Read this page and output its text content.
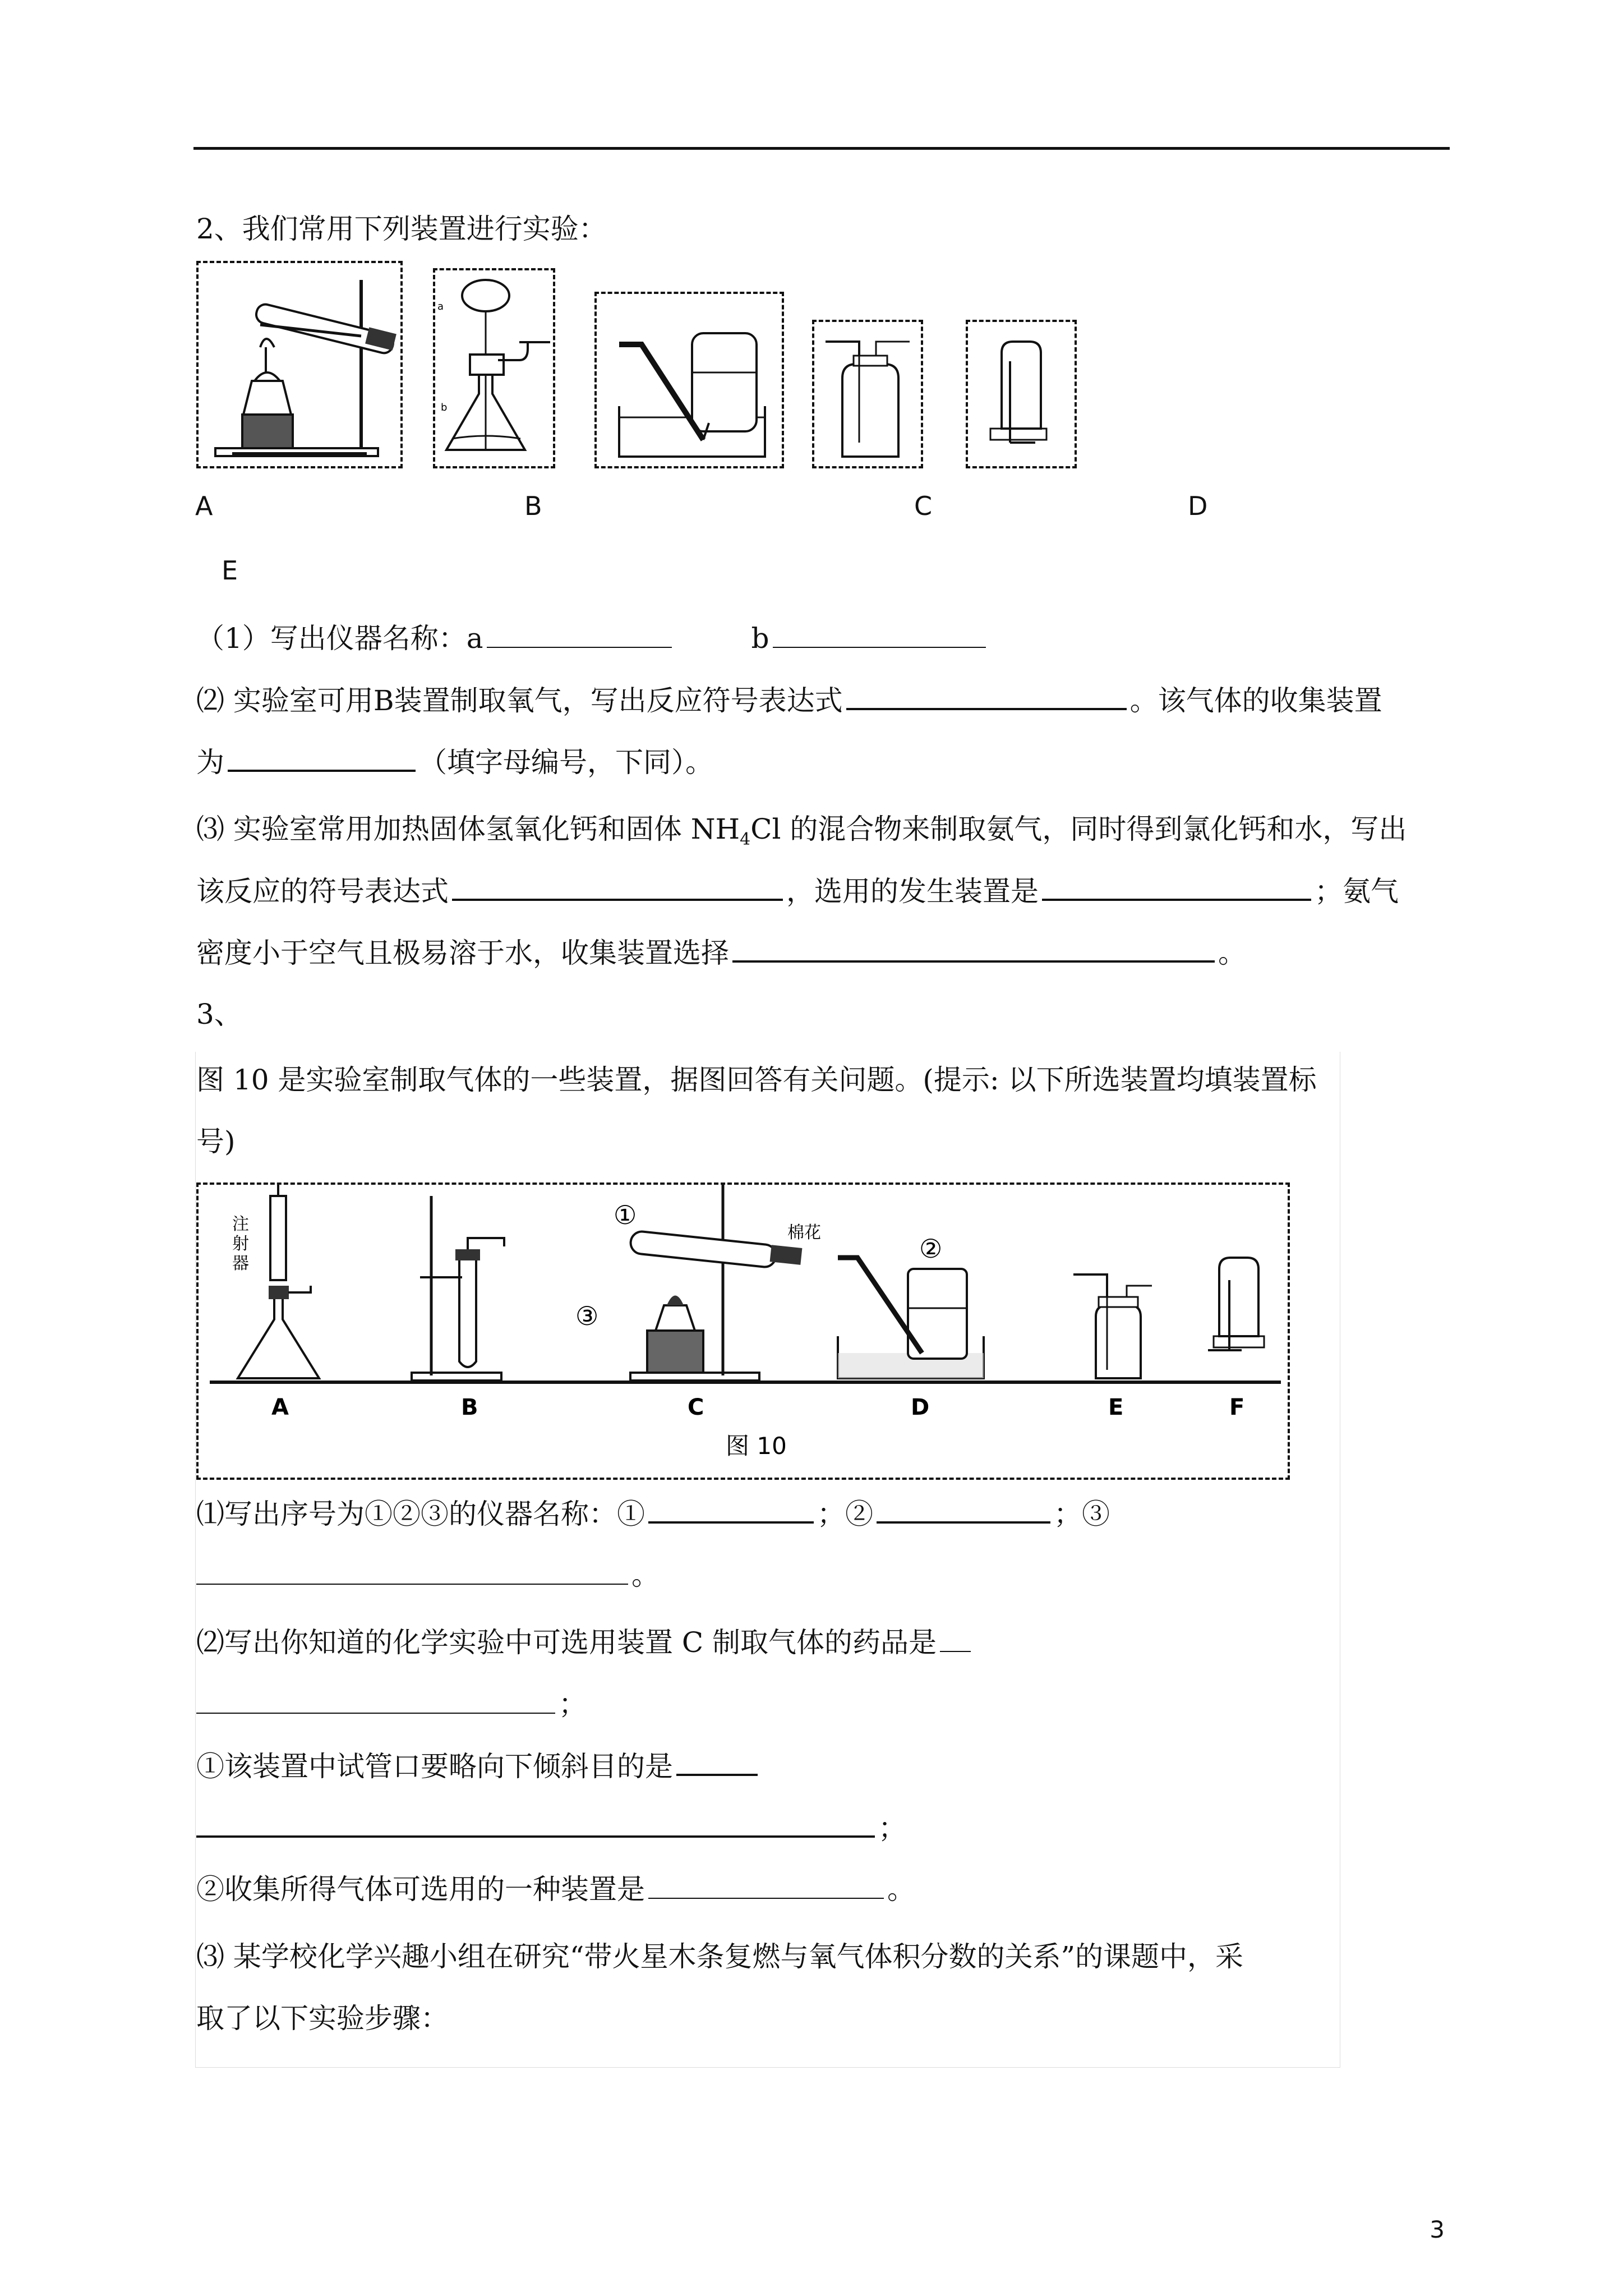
2、我们常用下列装置进行实验：
a
b
A	B	C	D
E
（1）写出仪器名称：a	b
⑵ 实验室可用B装置制取氧气，写出反应符号表达式	。该气体的收集装置
为	（填字母编号，下同）。
⑶ 实验室常用加热固体氢氧化钙和固体 $NH_4Cl$ 的混合物来制取氨气，同时得到氯化钙和水，写出
该反应的符号表达式	，选用的发生装置是	；氨气
密度小于空气且极易溶于水，收集装置选择	。
3、
图 10 是实验室制取气体的一些装置，据图回答有关问题。(提示: 以下所选装置均填装置标
号)
注
射
器
①
棉花
③
②
A	B	C	D	E	F
图 10
⑴写出序号为①②③的仪器名称：①	；②	；③
。
⑵写出你知道的化学实验中可选用装置 C 制取气体的药品是
；
①该装置中试管口要略向下倾斜目的是
；
②收集所得气体可选用的一种装置是	。
⑶ 某学校化学兴趣小组在研究“带火星木条复燃与氧气体积分数的关系”的课题中，采
取了以下实验步骤：
3
